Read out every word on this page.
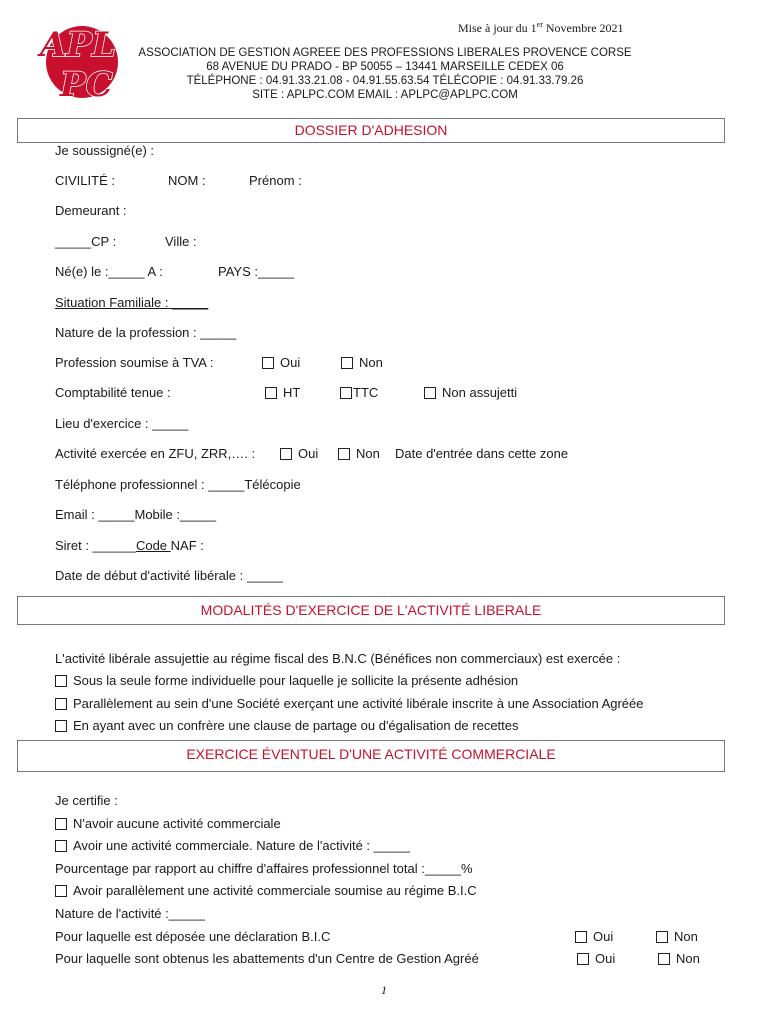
APL
PC
Mise à jour du 1er Novembre 2021
ASSOCIATION DE GESTION AGREEE DES PROFESSIONS LIBERALES PROVENCE CORSE
68 AVENUE DU PRADO - BP 50055 – 13441 MARSEILLE CEDEX 06
TÉLÉPHONE : 04.91.33.21.08 - 04.91.55.63.54 TÉLÉCOPIE : 04.91.33.79.26
SITE : APLPC.COM EMAIL : APLPC@APLPC.COM
DOSSIER D'ADHESION
Je soussigné(e) :
CIVILITÉ :	NOM :	Prénom :
Demeurant :
_____CP :	Ville :
Né(e) le :_____ A :	PAYS :_____
Situation Familiale : _____
Nature de la profession : _____
Profession soumise à TVA :	Oui	Non
Comptabilité tenue :	HT	TTC	Non assujetti
Lieu d'exercice : _____
Activité exercée en ZFU, ZRR,…. :	Oui	Non Date d'entrée dans cette zone
Téléphone professionnel : _____Télécopie
Email : _____Mobile :_____
Siret : ______Code NAF :
Date de début d'activité libérale : _____
MODALITÉS D'EXERCICE DE L'ACTIVITÉ LIBERALE
L'activité libérale assujettie au régime fiscal des B.N.C (Bénéfices non commerciaux) est exercée :
Sous la seule forme individuelle pour laquelle je sollicite la présente adhésion
Parallèlement au sein d'une Société exerçant une activité libérale inscrite à une Association Agréée
En ayant avec un confrère une clause de partage ou d'égalisation de recettes
EXERCICE ÉVENTUEL D'UNE ACTIVITÉ COMMERCIALE
Je certifie :
N'avoir aucune activité commerciale
Avoir une activité commerciale. Nature de l'activité : _____
Pourcentage par rapport au chiffre d'affaires professionnel total :_____%
Avoir parallèlement une activité commerciale soumise au régime B.I.C
Nature de l'activité :_____
Pour laquelle est déposée une déclaration B.I.C	Oui	Non
Pour laquelle sont obtenus les abattements d'un Centre de Gestion Agréé	Oui	Non
1
